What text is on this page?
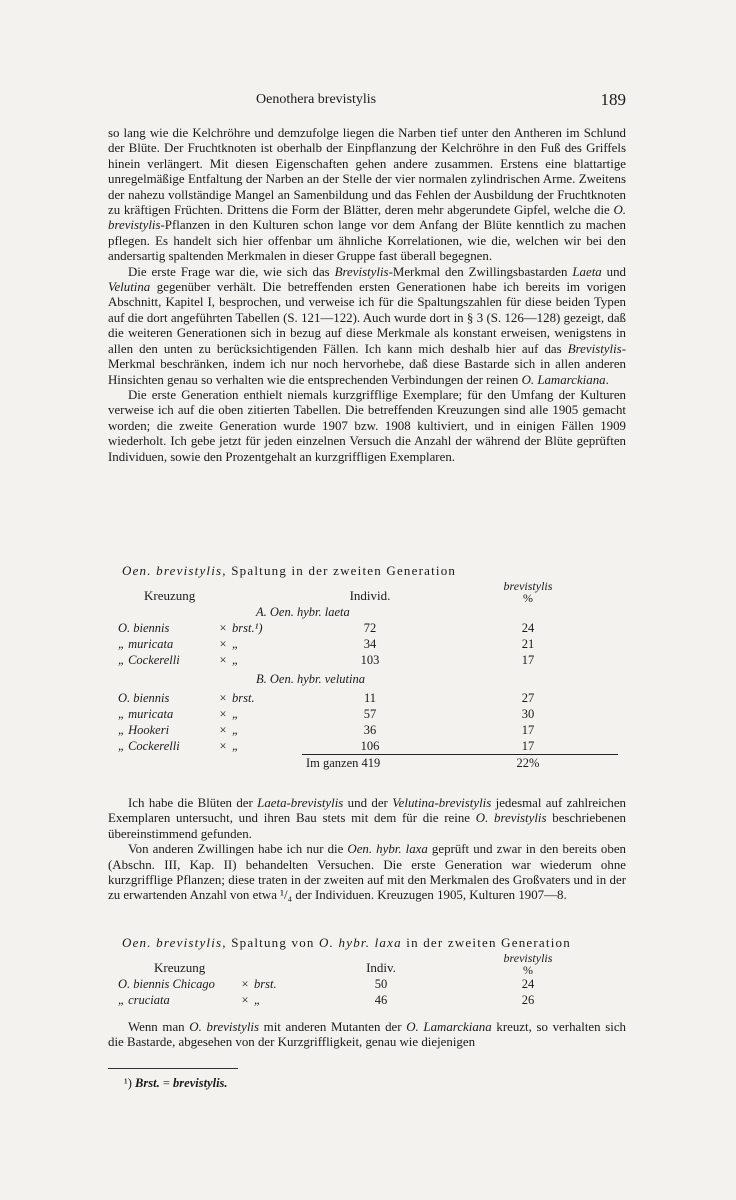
Oenothera brevistylis	189

so lang wie die Kelchröhre und demzufolge liegen die Narben tief unter den Antheren im Schlund der Blüte. Der Fruchtknoten ist oberhalb der Einpflanzung der Kelchröhre in den Fuß des Griffels hinein verlängert. Mit diesen Eigenschaften gehen andere zusammen. Erstens eine blattartige unregelmäßige Entfaltung der Narben an der Stelle der vier normalen zylindrischen Arme. Zweitens der nahezu vollständige Mangel an Samenbildung und das Fehlen der Ausbildung der Fruchtknoten zu kräftigen Früchten. Drittens die Form der Blätter, deren mehr abgerundete Gipfel, welche die O. brevistylis-Pflanzen in den Kulturen schon lange vor dem Anfang der Blüte kenntlich zu machen pflegen. Es handelt sich hier offenbar um ähnliche Korrelationen, wie die, welchen wir bei den andersartig spaltenden Merkmalen in dieser Gruppe fast überall begegnen.

Die erste Frage war die, wie sich das Brevistylis-Merkmal den Zwillingsbastarden Laeta und Velutina gegenüber verhält. Die betreffenden ersten Generationen habe ich bereits im vorigen Abschnitt, Kapitel I, besprochen, und verweise ich für die Spaltungszahlen für diese beiden Typen auf die dort angeführten Tabellen (S. 121—122). Auch wurde dort in § 3 (S. 126—128) gezeigt, daß die weiteren Generationen sich in bezug auf diese Merkmale als konstant erweisen, wenigstens in allen den unten zu berücksichtigenden Fällen. Ich kann mich deshalb hier auf das Brevistylis-Merkmal beschränken, indem ich nur noch hervorhebe, daß diese Bastarde sich in allen anderen Hinsichten genau so verhalten wie die entsprechenden Verbindungen der reinen O. Lamarckiana.

Die erste Generation enthielt niemals kurzgrifflige Exemplare; für den Umfang der Kulturen verweise ich auf die oben zitierten Tabellen. Die betreffenden Kreuzungen sind alle 1905 gemacht worden; die zweite Generation wurde 1907 bzw. 1908 kultiviert, und in einigen Fällen 1909 wiederholt. Ich gebe jetzt für jeden einzelnen Versuch die Anzahl der während der Blüte geprüften Individuen, sowie den Prozentgehalt an kurzgriffligen Exemplaren.

Oen. brevistylis, Spaltung in der zweiten Generation
Kreuzung			Individ.	brevistylis
%
A. Oen. hybr. laeta				
O. biennis	×	brst.¹)	72	24
„ muricata	×	„	34	21
„ Cockerelli	×	„	103	17
B. Oen. hybr. velutina				
O. biennis	×	brst.	11	27
„ muricata	×	„	57	30
„ Hookeri	×	„	36	17
„ Cockerelli	×	„	106	17
			Im ganzen 419	22%

Ich habe die Blüten der Laeta-brevistylis und der Velutina-brevistylis jedesmal auf zahlreichen Exemplaren untersucht, und ihren Bau stets mit dem für die reine O. brevistylis beschriebenen übereinstimmend gefunden.

Von anderen Zwillingen habe ich nur die Oen. hybr. laxa geprüft und zwar in den bereits oben (Abschn. III, Kap. II) behandelten Versuchen. Die erste Generation war wiederum ohne kurzgrifflige Pflanzen; diese traten in der zweiten auf mit den Merkmalen des Großvaters und in der zu erwartenden Anzahl von etwa ¹/₄ der Individuen. Kreuzugen 1905, Kulturen 1907—8.

Oen. brevistylis, Spaltung von O. hybr. laxa in der zweiten Generation
Kreuzung			Indiv.	brevistylis
%
O. biennis Chicago	×	brst.	50	24
„ cruciata	×	„	46	26

Wenn man O. brevistylis mit anderen Mutanten der O. Lamarckiana kreuzt, so verhalten sich die Bastarde, abgesehen von der Kurzgriffligkeit, genau wie diejenigen

¹) Brst. = brevistylis.
